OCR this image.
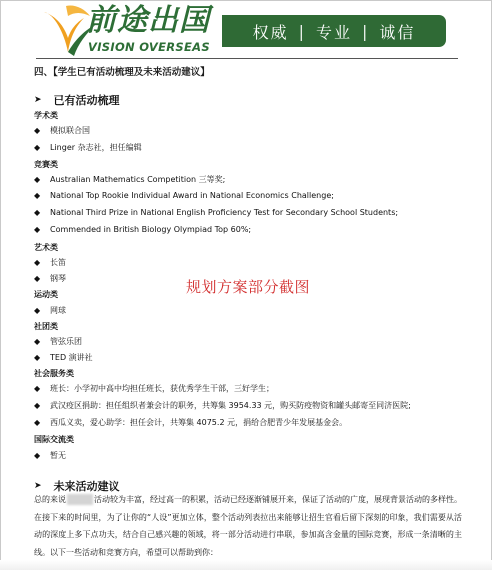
前途出国
VISION OVERSEAS
权威 | 专业 | 诚信
四、【学生已有活动梳理及未来活动建议】
➤ 已有活动梳理
学术类
◆	模拟联合国
◆	Linger 杂志社，担任编辑
竞赛类
◆	Australian Mathematics Competition 三等奖;
◆	National Top Rookie Individual Award in National Economics Challenge;
◆	National Third Prize in National English Proficiency Test for Secondary School Students;
◆	Commended in British Biology Olympiad Top 60%;
艺术类
◆	长笛
◆	钢琴
运动类
◆	网球
社团类
◆	管弦乐团
◆	TED 演讲社
社会服务类
◆	班长：小学初中高中均担任班长，获优秀学生干部，三好学生；
◆	武汉疫区捐助：担任组织者兼会计的职务，共筹集 3954.33 元，购买防疫物资和罐头邮寄至同济医院;
◆	西瓜义卖，爱心助学：担任会计，共筹集 4075.2 元，捐给合肥青少年发展基金会。
国际交流类
◆	暂无
➤ 未来活动建议
规划方案部分截图
总的来说	活动较为丰富，经过高一的积累，活动已经逐渐铺展开来，保证了活动的广度，展现背景活动的多样性。在接下来的时间里，为了让你的“人设”更加立体，整个活动列表拉出来能够让招生官看后留下深刻的印象，我们需要从活动的深度上多下点功夫，结合自己感兴趣的领域，将一部分活动进行串联，参加高含金量的国际竞赛，形成一条清晰的主线。以下一些活动和竞赛方向，希望可以帮助到你：
